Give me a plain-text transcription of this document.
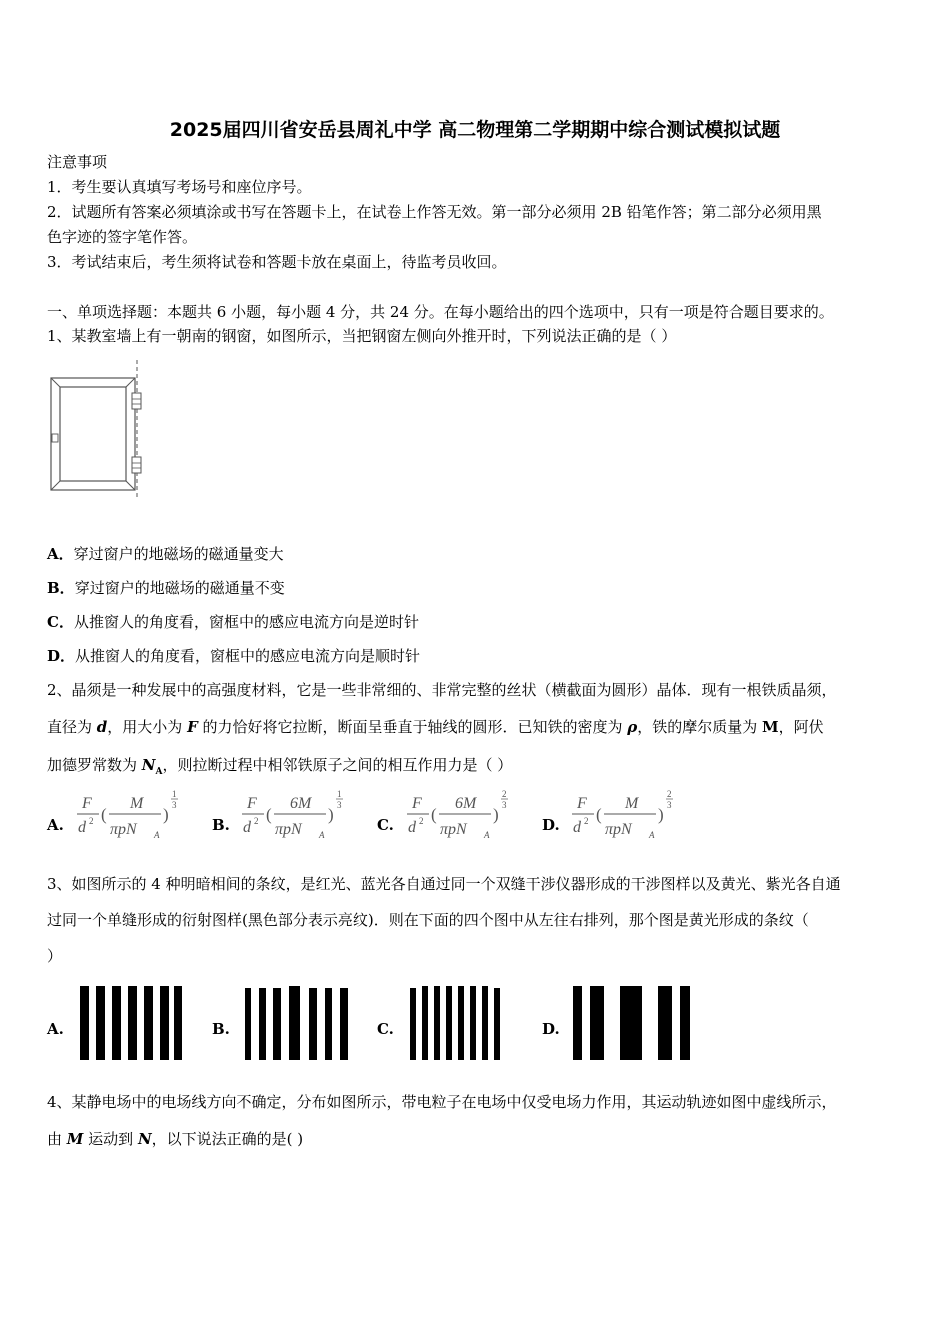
2025届四川省安岳县周礼中学 高二物理第二学期期中综合测试模拟试题
注意事项
1．考生要认真填写考场号和座位序号。
2．试题所有答案必须填涂或书写在答题卡上，在试卷上作答无效。第一部分必须用 2B 铅笔作答；第二部分必须用黑
色字迹的签字笔作答。
3．考试结束后，考生须将试卷和答题卡放在桌面上，待监考员收回。
一、单项选择题：本题共 6 小题，每小题 4 分，共 24 分。在每小题给出的四个选项中，只有一项是符合题目要求的。
1、某教室墙上有一朝南的钢窗，如图所示，当把钢窗左侧向外推开时，下列说法正确的是（ ）
A．穿过窗户的地磁场的磁通量变大
B．穿过窗户的地磁场的磁通量不变
C．从推窗人的角度看，窗框中的感应电流方向是逆时针
D．从推窗人的角度看，窗框中的感应电流方向是顺时针
2、晶须是一种发展中的高强度材料，它是一些非常细的、非常完整的丝状（横截面为圆形）晶体．现有一根铁质晶须，
直径为 d，用大小为 F 的力恰好将它拉断，断面呈垂直于轴线的圆形．已知铁的密度为 ρ，铁的摩尔质量为 M，阿伏
加德罗常数为 $N_A$，则拉断过程中相邻铁原子之间的相互作用力是（ ）
A.
F
d 2 (
M
πpN A
)
1
3
B.
F
d 2 (
6M
πpN A
)
1
3
C.
F
d 2 (
6M
πpN A
)
2
3
D.
F
d 2 (
M
πpN A
)
2
3
3、如图所示的 4 种明暗相间的条纹，是红光、蓝光各自通过同一个双缝干涉仪器形成的干涉图样以及黄光、紫光各自通
过同一个单缝形成的衍射图样(黑色部分表示亮纹)．则在下面的四个图中从左往右排列，那个图是黄光形成的条纹（
）
A.	B.	C.	D.
4、某静电场中的电场线方向不确定，分布如图所示，带电粒子在电场中仅受电场力作用，其运动轨迹如图中虚线所示，
由 M 运动到 N，以下说法正确的是( )
